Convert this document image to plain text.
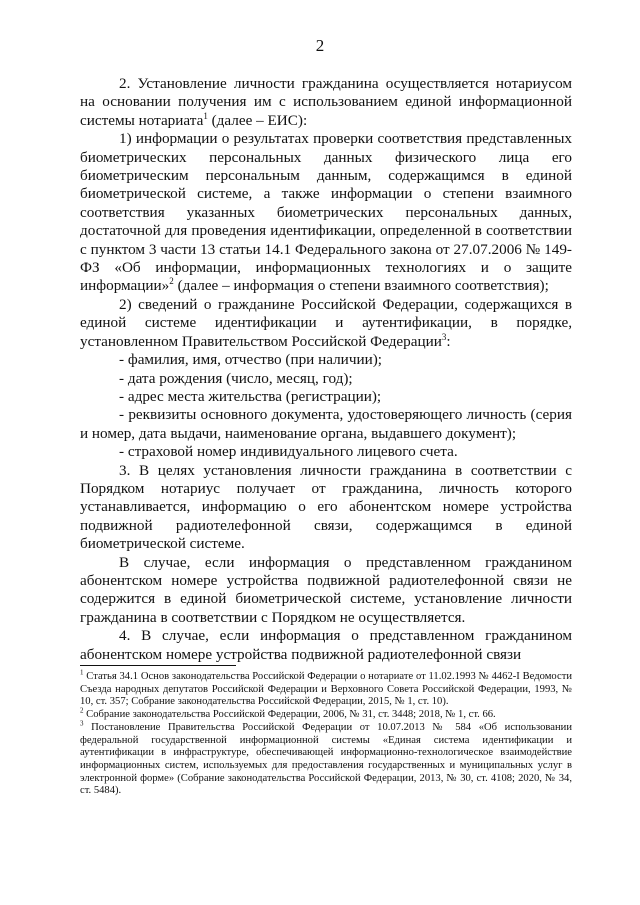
2

2. Установление личности гражданина осуществляется нотариусом на основании получения им с использованием единой информационной системы нотариата$^1$ (далее – ЕИС):

1) информации о результатах проверки соответствия представленных биометрических персональных данных физического лица его биометрическим персональным данным, содержащимся в единой биометрической системе, а также информации о степени взаимного соответствия указанных биометрических персональных данных, достаточной для проведения идентификации, определенной в соответствии с пунктом 3 части 13 статьи 14.1 Федерального закона от 27.07.2006 № 149-ФЗ «Об информации, информационных технологиях и о защите информации»$^2$ (далее – информация о степени взаимного соответствия);

2) сведений о гражданине Российской Федерации, содержащихся в единой системе идентификации и аутентификации, в порядке, установленном Правительством Российской Федерации$^3$:

- фамилия, имя, отчество (при наличии);

- дата рождения (число, месяц, год);

- адрес места жительства (регистрации);

- реквизиты основного документа, удостоверяющего личность (серия и номер, дата выдачи, наименование органа, выдавшего документ);

- страховой номер индивидуального лицевого счета.

3. В целях установления личности гражданина в соответствии с Порядком нотариус получает от гражданина, личность которого устанавливается, информацию о его абонентском номере устройства подвижной радиотелефонной связи, содержащимся в единой биометрической системе.

В случае, если информация о представленном гражданином абонентском номере устройства подвижной радиотелефонной связи не содержится в единой биометрической системе, установление личности гражданина в соответствии с Порядком не осуществляется.

4. В случае, если информация о представленном гражданином абонентском номере устройства подвижной радиотелефонной связи

$^1$ Статья 34.1 Основ законодательства Российской Федерации о нотариате от 11.02.1993 № 4462-I Ведомости Съезда народных депутатов Российской Федерации и Верховного Совета Российской Федерации, 1993, № 10, ст. 357; Собрание законодательства Российской Федерации, 2015, № 1, ст. 10).

$^2$ Собрание законодательства Российской Федерации, 2006, № 31, ст. 3448; 2018, № 1, ст. 66.

$^3$ Постановление Правительства Российской Федерации от 10.07.2013 № 584 «Об использовании федеральной государственной информационной системы «Единая система идентификации и аутентификации в инфраструктуре, обеспечивающей информационно-технологическое взаимодействие информационных систем, используемых для предоставления государственных и муниципальных услуг в электронной форме» (Собрание законодательства Российской Федерации, 2013, № 30, ст. 4108; 2020, № 34, ст. 5484).
